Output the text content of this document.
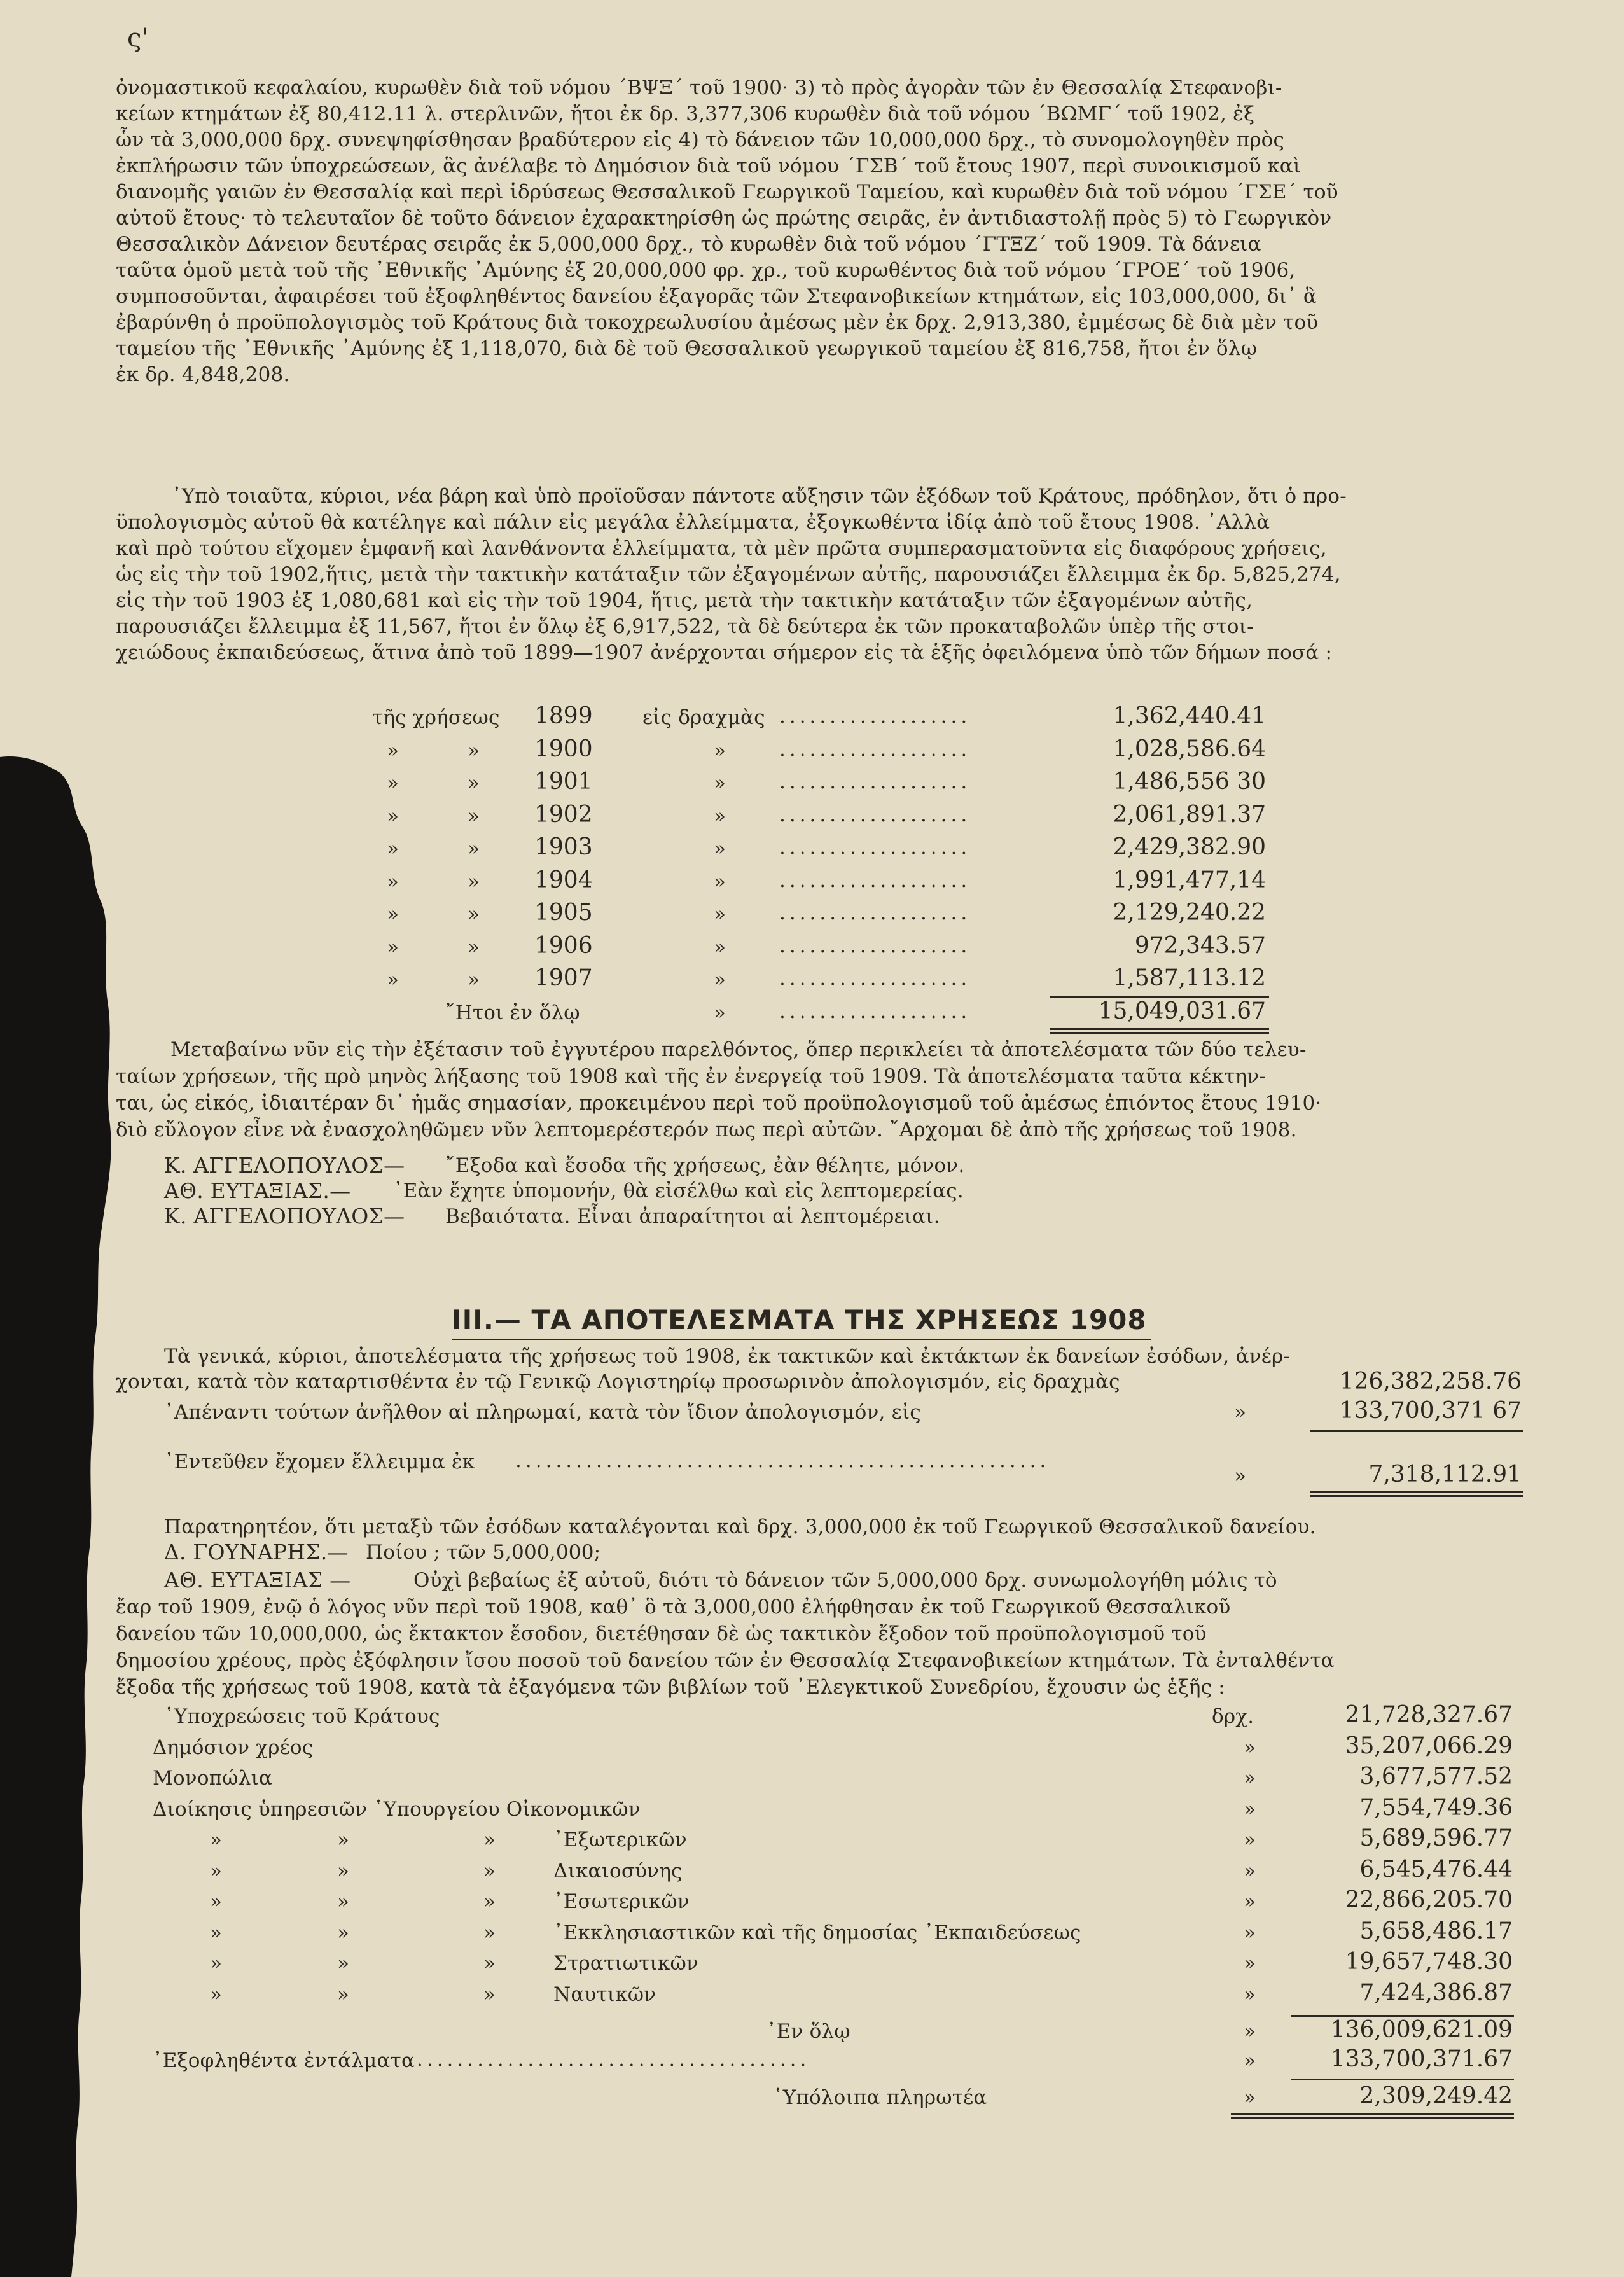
ς'
ὀνομαστικοῦ κεφαλαίου, κυρωθὲν διὰ τοῦ νόμου ΄ΒΨΞ΄ τοῦ 1900· 3) τὸ πρὸς ἀγορὰν τῶν ἐν Θεσσαλίᾳ Στεφανοβι-
κείων κτημάτων ἐξ 80,412.11 λ. στερλινῶν, ἤτοι ἐκ δρ. 3,377,306 κυρωθὲν διὰ τοῦ νόμου ΄ΒΩΜΓ΄ τοῦ 1902, ἐξ
ὧν τὰ 3,000,000 δρχ. συνεψηφίσθησαν βραδύτερον εἰς 4) τὸ δάνειον τῶν 10,000,000 δρχ., τὸ συνομολογηθὲν πρὸς
ἐκπλήρωσιν τῶν ὑποχρεώσεων, ἃς ἀνέλαβε τὸ Δημόσιον διὰ τοῦ νόμου ΄ΓΣΒ΄ τοῦ ἔτους 1907, περὶ συνοικισμοῦ καὶ
διανομῆς γαιῶν ἐν Θεσσαλίᾳ καὶ περὶ ἱδρύσεως Θεσσαλικοῦ Γεωργικοῦ Ταμείου, καὶ κυρωθὲν διὰ τοῦ νόμου ΄ΓΣΕ΄ τοῦ
αὐτοῦ ἔτους· τὸ τελευταῖον δὲ τοῦτο δάνειον ἐχαρακτηρίσθη ὡς πρώτης σειρᾶς, ἐν ἀντιδιαστολῇ πρὸς 5) τὸ Γεωργικὸν
Θεσσαλικὸν Δάνειον δευτέρας σειρᾶς ἐκ 5,000,000 δρχ., τὸ κυρωθὲν διὰ τοῦ νόμου ΄ΓΤΞΖ΄ τοῦ 1909. Τὰ δάνεια
ταῦτα ὁμοῦ μετὰ τοῦ τῆς ᾽Εθνικῆς ᾽Αμύνης ἐξ 20,000,000 φρ. χρ., τοῦ κυρωθέντος διὰ τοῦ νόμου ΄ΓΡΟΕ΄ τοῦ 1906,
συμποσοῦνται, ἀφαιρέσει τοῦ ἐξοφληθέντος δανείου ἐξαγορᾶς τῶν Στεφανοβικείων κτημάτων, εἰς 103,000,000, δι᾽ ἃ
ἐβαρύνθη ὁ προϋπολογισμὸς τοῦ Κράτους διὰ τοκοχρεωλυσίου ἀμέσως μὲν ἐκ δρχ. 2,913,380, ἐμμέσως δὲ διὰ μὲν τοῦ
ταμείου τῆς ᾽Εθνικῆς ᾽Αμύνης ἐξ 1,118,070, διὰ δὲ τοῦ Θεσσαλικοῦ γεωργικοῦ ταμείου ἐξ 816,758, ἤτοι ἐν ὅλῳ
ἐκ δρ. 4,848,208.
᾽Υπὸ τοιαῦτα, κύριοι, νέα βάρη καὶ ὑπὸ προϊοῦσαν πάντοτε αὔξησιν τῶν ἐξόδων τοῦ Κράτους, πρόδηλον, ὅτι ὁ προ-
ϋπολογισμὸς αὐτοῦ θὰ κατέληγε καὶ πάλιν εἰς μεγάλα ἐλλείμματα, ἐξογκωθέντα ἰδίᾳ ἀπὸ τοῦ ἔτους 1908. ᾽Αλλὰ
καὶ πρὸ τούτου εἴχομεν ἐμφανῆ καὶ λανθάνοντα ἐλλείμματα, τὰ μὲν πρῶτα συμπερασματοῦντα εἰς διαφόρους χρήσεις,
ὡς εἰς τὴν τοῦ 1902,ἥτις, μετὰ τὴν τακτικὴν κατάταξιν τῶν ἐξαγομένων αὐτῆς, παρουσιάζει ἔλλειμμα ἐκ δρ. 5,825,274,
εἰς τὴν τοῦ 1903 ἐξ 1,080,681 καὶ εἰς τὴν τοῦ 1904, ἥτις, μετὰ τὴν τακτικὴν κατάταξιν τῶν ἐξαγομένων αὐτῆς,
παρουσιάζει ἔλλειμμα ἐξ 11,567, ἤτοι ἐν ὅλῳ ἐξ 6,917,522, τὰ δὲ δεύτερα ἐκ τῶν προκαταβολῶν ὑπὲρ τῆς στοι-
χειώδους ἐκπαιδεύσεως, ἅτινα ἀπὸ τοῦ 1899—1907 ἀνέρχονται σήμερον εἰς τὰ ἑξῆς ὀφειλόμενα ὑπὸ τῶν δήμων ποσά :
τῆς χρήσεως 1899	εἰς δραχμὰς ...................	1,362,440.41
»	» 1900	»	...................	1,028,586.64
»	» 1901	»	...................	1,486,556 30
»	» 1902	»	...................	2,061,891.37
»	» 1903	»	...................	2,429,382.90
»	» 1904	»	...................	1,991,477,14
»	» 1905	»	...................	2,129,240.22
»	» 1906	»	...................	972,343.57
»	» 1907	»	...................	1,587,113.12
῎Ητοι ἐν ὅλῳ	»	...................	15,049,031.67
Μεταβαίνω νῦν εἰς τὴν ἐξέτασιν τοῦ ἐγγυτέρου παρελθόντος, ὅπερ περικλείει τὰ ἀποτελέσματα τῶν δύο τελευ-
ταίων χρήσεων, τῆς πρὸ μηνὸς λήξασης τοῦ 1908 καὶ τῆς ἐν ἐνεργείᾳ τοῦ 1909. Τὰ ἀποτελέσματα ταῦτα κέκτην-
ται, ὡς εἰκός, ἰδιαιτέραν δι᾽ ἡμᾶς σημασίαν, προκειμένου περὶ τοῦ προϋπολογισμοῦ τοῦ ἀμέσως ἐπιόντος ἔτους 1910·
διὸ εὔλογον εἶνε νὰ ἐνασχοληθῶμεν νῦν λεπτομερέστερόν πως περὶ αὐτῶν. ῎Αρχομαι δὲ ἀπὸ τῆς χρήσεως τοῦ 1908.
Κ. ΑΓΓΕΛΟΠΟΥΛΟΣ— ῎Εξοδα καὶ ἔσοδα τῆς χρήσεως, ἐὰν θέλητε, μόνον.
ΑΘ. ΕΥΤΑΞΙΑΣ.— ᾽Εὰν ἔχητε ὑπομονήν, θὰ εἰσέλθω καὶ εἰς λεπτομερείας.
Κ. ΑΓΓΕΛΟΠΟΥΛΟΣ— Βεβαιότατα. Εἶναι ἀπαραίτητοι αἱ λεπτομέρειαι.
III.— ΤΑ ΑΠΟΤΕΛΕΣΜΑΤΑ ΤΗΣ ΧΡΗΣΕΩΣ 1908
Τὰ γενικά, κύριοι, ἀποτελέσματα τῆς χρήσεως τοῦ 1908, ἐκ τακτικῶν καὶ ἐκτάκτων ἐκ δανείων ἐσόδων, ἀνέρ-
χονται, κατὰ τὸν καταρτισθέντα ἐν τῷ Γενικῷ Λογιστηρίῳ προσωρινὸν ἀπολογισμόν, εἰς δραχμὰς	126,382,258.76
᾽Απέναντι τούτων ἀνῆλθον αἱ πληρωμαί, κατὰ τὸν ἴδιον ἀπολογισμόν, εἰς	»	133,700,371 67
᾽Εντεῦθεν ἔχομεν ἔλλειμμα ἐκ .....................................................
»	7,318,112.91
Παρατηρητέον, ὅτι μεταξὺ τῶν ἐσόδων καταλέγονται καὶ δρχ. 3,000,000 ἐκ τοῦ Γεωργικοῦ Θεσσαλικοῦ δανείου.
Δ. ΓΟΥΝΑΡΗΣ.— Ποίου ; τῶν 5,000,000;
ΑΘ. ΕΥΤΑΞΙΑΣ —	Οὐχὶ βεβαίως ἐξ αὐτοῦ, διότι τὸ δάνειον τῶν 5,000,000 δρχ. συνωμολογήθη μόλις τὸ
ἔαρ τοῦ 1909, ἐνῷ ὁ λόγος νῦν περὶ τοῦ 1908, καθ᾽ ὃ τὰ 3,000,000 ἐλήφθησαν ἐκ τοῦ Γεωργικοῦ Θεσσαλικοῦ
δανείου τῶν 10,000,000, ὡς ἔκτακτον ἔσοδον, διετέθησαν δὲ ὡς τακτικὸν ἔξοδον τοῦ προϋπολογισμοῦ τοῦ
δημοσίου χρέους, πρὸς ἐξόφλησιν ἴσου ποσοῦ τοῦ δανείου τῶν ἐν Θεσσαλίᾳ Στεφανοβικείων κτημάτων. Τὰ ἐνταλθέντα
ἔξοδα τῆς χρήσεως τοῦ 1908, κατὰ τὰ ἐξαγόμενα τῶν βιβλίων τοῦ ᾽Ελεγκτικοῦ Συνεδρίου, ἔχουσιν ὡς ἑξῆς :
῾Υποχρεώσεις τοῦ Κράτους	δρχ.	21,728,327.67
Δημόσιον χρέος	»	35,207,066.29
Μονοπώλια	»	3,677,577.52
Διοίκησις ὑπηρεσιῶν ῾Υπουργείου Οἰκονομικῶν	»	7,554,749.36
»	»	»	᾽Εξωτερικῶν	»	5,689,596.77
»	»	»	Δικαιοσύνης	»	6,545,476.44
»	»	»	᾽Εσωτερικῶν	»	22,866,205.70
»	»	»	᾽Εκκλησιαστικῶν καὶ τῆς δημοσίας ᾽Εκπαιδεύσεως	»	5,658,486.17
»	»	»	Στρατιωτικῶν	»	19,657,748.30
»	»	»	Ναυτικῶν	»	7,424,386.87
᾽Εν ὅλῳ	»	136,009,621.09
᾽Εξοφληθέντα ἐντάλματα .......................................	»	133,700,371.67
῾Υπόλοιπα πληρωτέα	»	2,309,249.42
